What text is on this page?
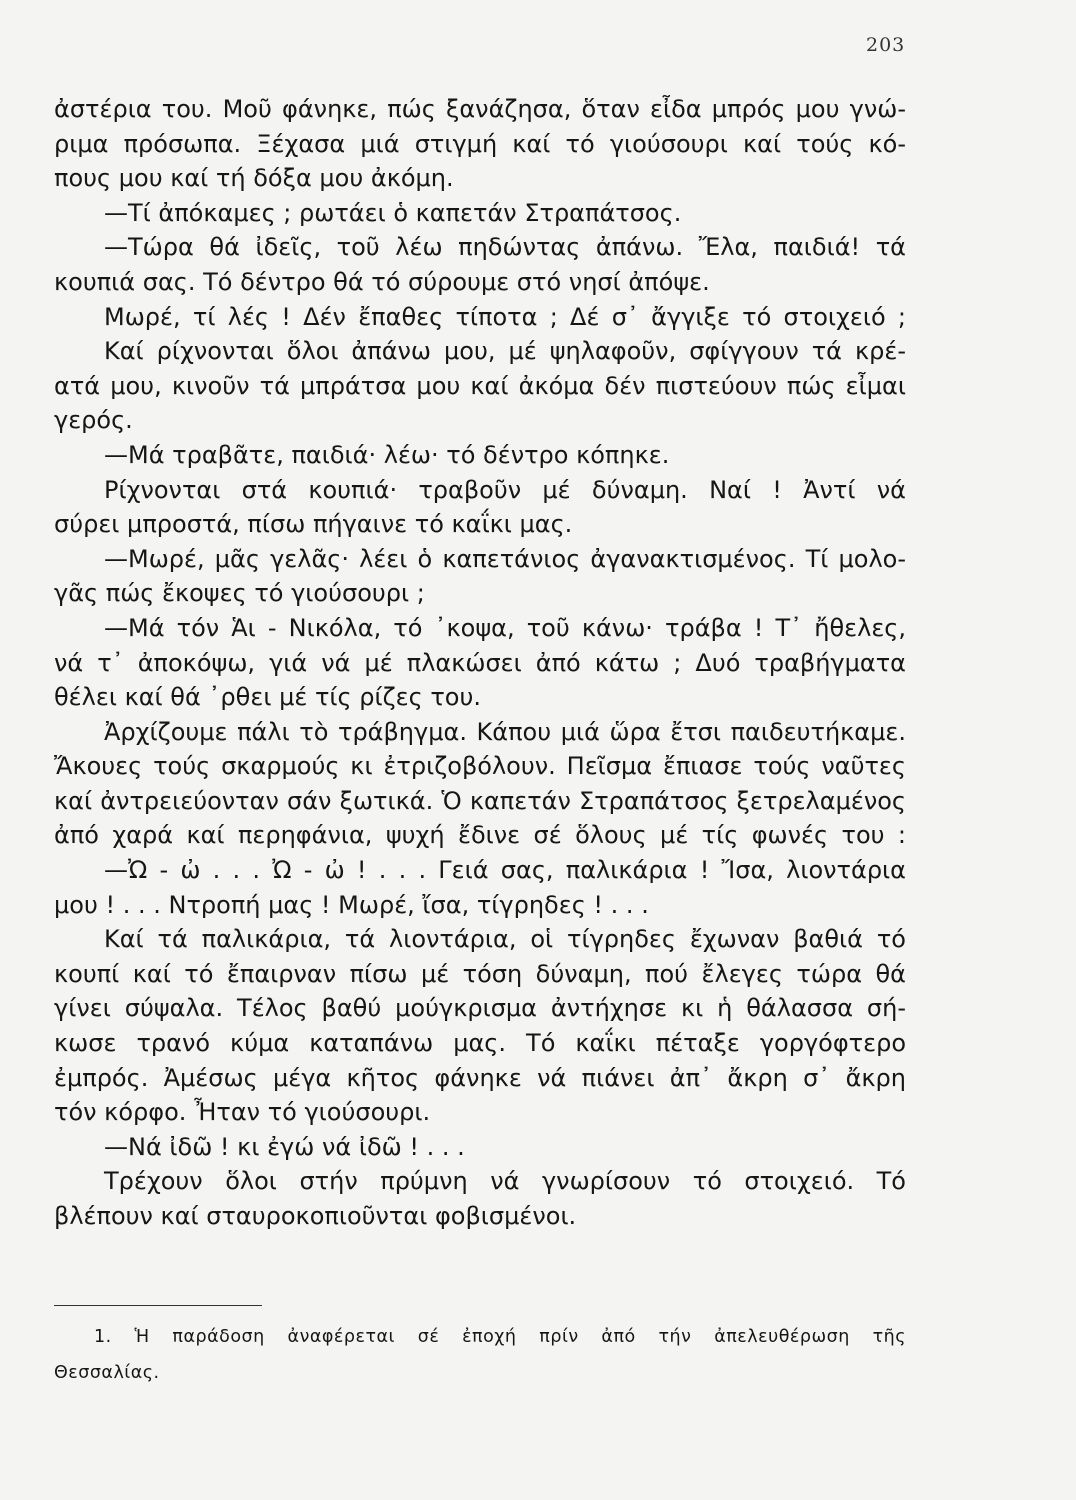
203
ἀστέρια του. Μοῦ φάνηκε, πώς ξανάζησα, ὅταν εἶδα μπρός μου γνώ-
ριμα πρόσωπα. Ξέχασα μιά στιγμή καί τό γιούσουρι καί τούς κό-
πους μου καί τή δόξα μου ἀκόμη.
—Τί ἀπόκαμες ; ρωτάει ὁ καπετάν Στραπάτσος.
—Τώρα θά ἰδεῖς, τοῦ λέω πηδώντας ἀπάνω. Ἔλα, παιδιά! τά
κουπιά σας. Τό δέντρο θά τό σύρουμε στό νησί ἀπόψε.
Μωρέ, τί λές ! Δέν ἔπαθες τίποτα ; Δέ σ᾿ ἄγγιξε τό στοιχειό ;
Καί ρίχνονται ὅλοι ἀπάνω μου, μέ ψηλαφοῦν, σφίγγουν τά κρέ-
ατά μου, κινοῦν τά μπράτσα μου καί ἀκόμα δέν πιστεύουν πώς εἶμαι
γερός.
—Μά τραβᾶτε, παιδιά· λέω· τό δέντρο κόπηκε.
Ρίχνονται στά κουπιά· τραβοῦν μέ δύναμη. Ναί ! Ἀντί νά
σύρει μπροστά, πίσω πήγαινε τό καΐκι μας.
—Μωρέ, μᾶς γελᾶς· λέει ὁ καπετάνιος ἀγανακτισμένος. Τί μολο-
γᾶς πώς ἔκοψες τό γιούσουρι ;
—Μά τόν Ἁι - Νικόλα, τό ᾿κοψα, τοῦ κάνω· τράβα ! Τ᾿ ἤθελες,
νά τ᾿ ἀποκόψω, γιά νά μέ πλακώσει ἀπό κάτω ; Δυό τραβήγματα
θέλει καί θά ᾿ρθει μέ τίς ρίζες του.
Ἀρχίζουμε πάλι τὸ τράβηγμα. Κάπου μιά ὥρα ἔτσι παιδευτήκαμε.
Ἄκουες τούς σκαρμούς κι ἐτριζοβόλουν. Πεῖσμα ἔπιασε τούς ναῦτες
καί ἀντρειεύονταν σάν ξωτικά. Ὁ καπετάν Στραπάτσος ξετρελαμένος
ἀπό χαρά καί περηφάνια, ψυχή ἔδινε σέ ὅλους μέ τίς φωνές του :
—Ὠ - ὠ . . . Ὠ - ὠ ! . . . Γειά σας, παλικάρια ! Ἴσα, λιοντάρια
μου ! . . . Ντροπή μας ! Μωρέ, ἴσα, τίγρηδες ! . . .
Καί τά παλικάρια, τά λιοντάρια, οἱ τίγρηδες ἔχωναν βαθιά τό
κουπί καί τό ἔπαιρναν πίσω μέ τόση δύναμη, πού ἔλεγες τώρα θά
γίνει σύψαλα. Τέλος βαθύ μούγκρισμα ἀντήχησε κι ἡ θάλασσα σή-
κωσε τρανό κύμα καταπάνω μας. Τό καΐκι πέταξε γοργόφτερο
ἐμπρός. Ἀμέσως μέγα κῆτος φάνηκε νά πιάνει ἀπ᾿ ἄκρη σ᾿ ἄκρη
τόν κόρφο. Ἦταν τό γιούσουρι.
—Νά ἰδῶ ! κι ἐγώ νά ἰδῶ ! . . .
Τρέχουν ὅλοι στήν πρύμνη νά γνωρίσουν τό στοιχειό. Τό
βλέπουν καί σταυροκοπιοῦνται φοβισμένοι.
1. Ἡ παράδοση ἀναφέρεται σέ ἐποχή πρίν ἀπό τήν ἀπελευθέρωση τῆς
Θεσσαλίας.
